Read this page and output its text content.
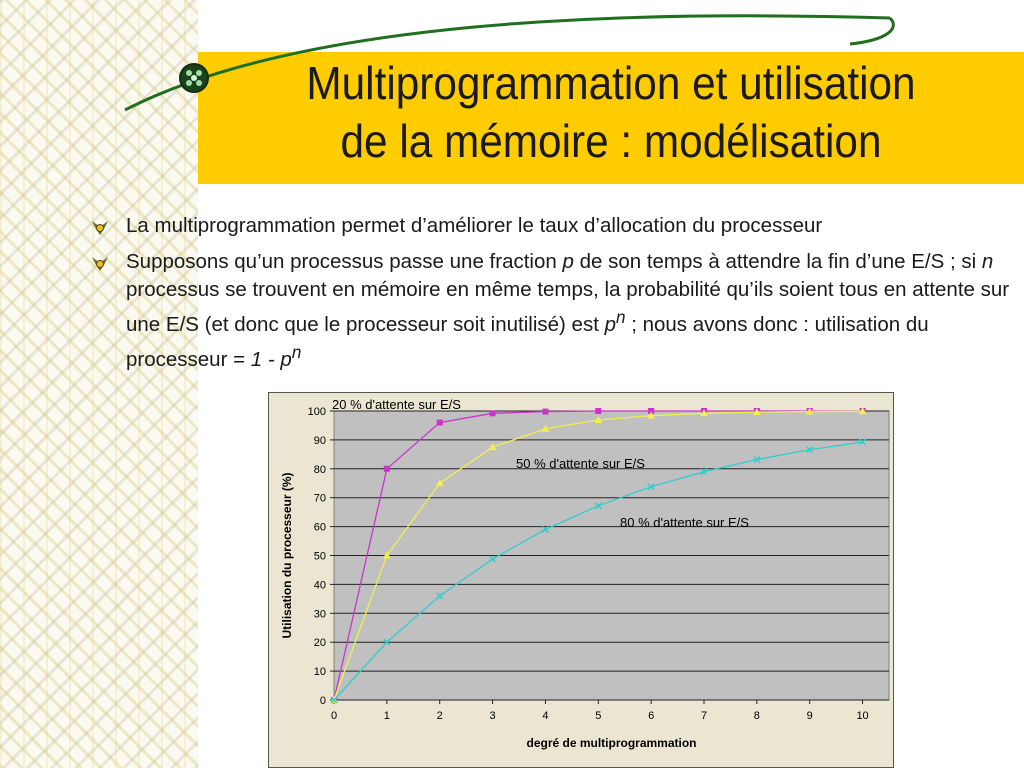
Multiprogrammation et utilisation
de la mémoire : modélisation
La multiprogrammation permet d’améliorer le taux d’allocation du processeur
Supposons qu’un processus passe une fraction p de son temps à attendre la fin d’une E/S ; si n processus se trouvent en mémoire en même temps, la probabilité qu’ils soient tous en attente sur une E/S (et donc que le processeur soit inutilisé) est $p^n$ ; nous avons donc : utilisation du processeur = $1 - p^n$
0
10
20
30
40
50
60
70
80
90
100
0	1	2	3	4	5	6	7	8	9	10
degré de multiprogrammation
Utilisation du processeur (%)
20 % d'attente sur E/S
50 % d'attente sur E/S
80 % d'attente sur E/S
